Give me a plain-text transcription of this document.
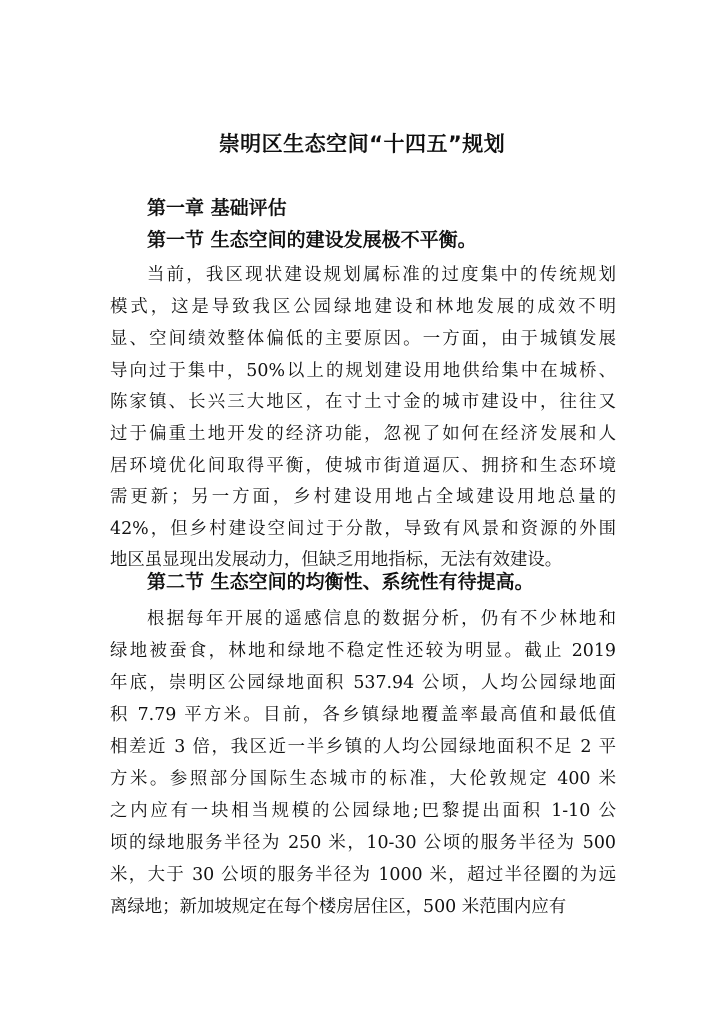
崇明区生态空间“十四五”规划
第一章 基础评估
第一节 生态空间的建设发展极不平衡。
当前，我区现状建设规划属标准的过度集中的传统规划
模式，这是导致我区公园绿地建设和林地发展的成效不明
显、空间绩效整体偏低的主要原因。一方面，由于城镇发展
导向过于集中，50%以上的规划建设用地供给集中在城桥、
陈家镇、长兴三大地区，在寸土寸金的城市建设中，往往又
过于偏重土地开发的经济功能，忽视了如何在经济发展和人
居环境优化间取得平衡，使城市街道逼仄、拥挤和生态环境
需更新；另一方面，乡村建设用地占全域建设用地总量的
42%，但乡村建设空间过于分散，导致有风景和资源的外围
地区虽显现出发展动力，但缺乏用地指标，无法有效建设。
第二节 生态空间的均衡性、系统性有待提高。
根据每年开展的遥感信息的数据分析，仍有不少林地和
绿地被蚕食，林地和绿地不稳定性还较为明显。截止 2019
年底，崇明区公园绿地面积 537.94 公顷，人均公园绿地面
积 7.79 平方米。目前，各乡镇绿地覆盖率最高值和最低值
相差近 3 倍，我区近一半乡镇的人均公园绿地面积不足 2 平
方米。参照部分国际生态城市的标准，大伦敦规定 400 米
之内应有一块相当规模的公园绿地;巴黎提出面积 1-10 公
顷的绿地服务半径为 250 米，10-30 公顷的服务半径为 500
米，大于 30 公顷的服务半径为 1000 米，超过半径圈的为远
离绿地；新加坡规定在每个楼房居住区，500 米范围内应有
